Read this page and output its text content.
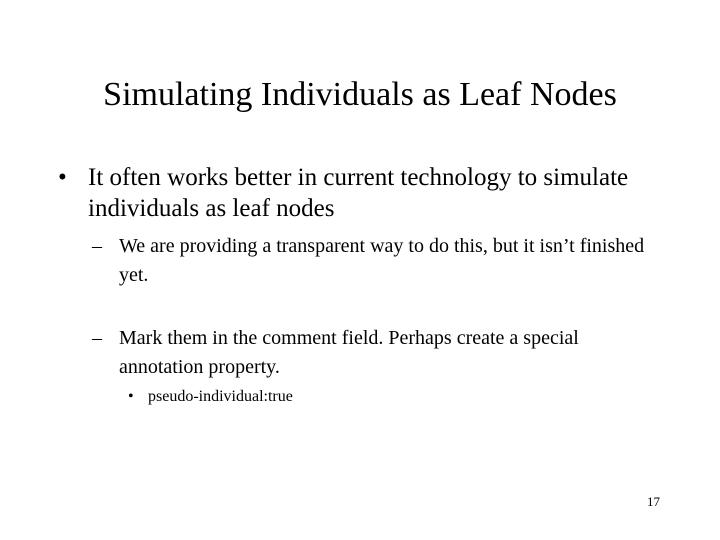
Simulating Individuals as Leaf Nodes
• It often works better in current technology to simulate individuals as leaf nodes
– We are providing a transparent way to do this, but it isn’t finished yet.
– Mark them in the comment field. Perhaps create a special annotation property.
• pseudo-individual:true
17
